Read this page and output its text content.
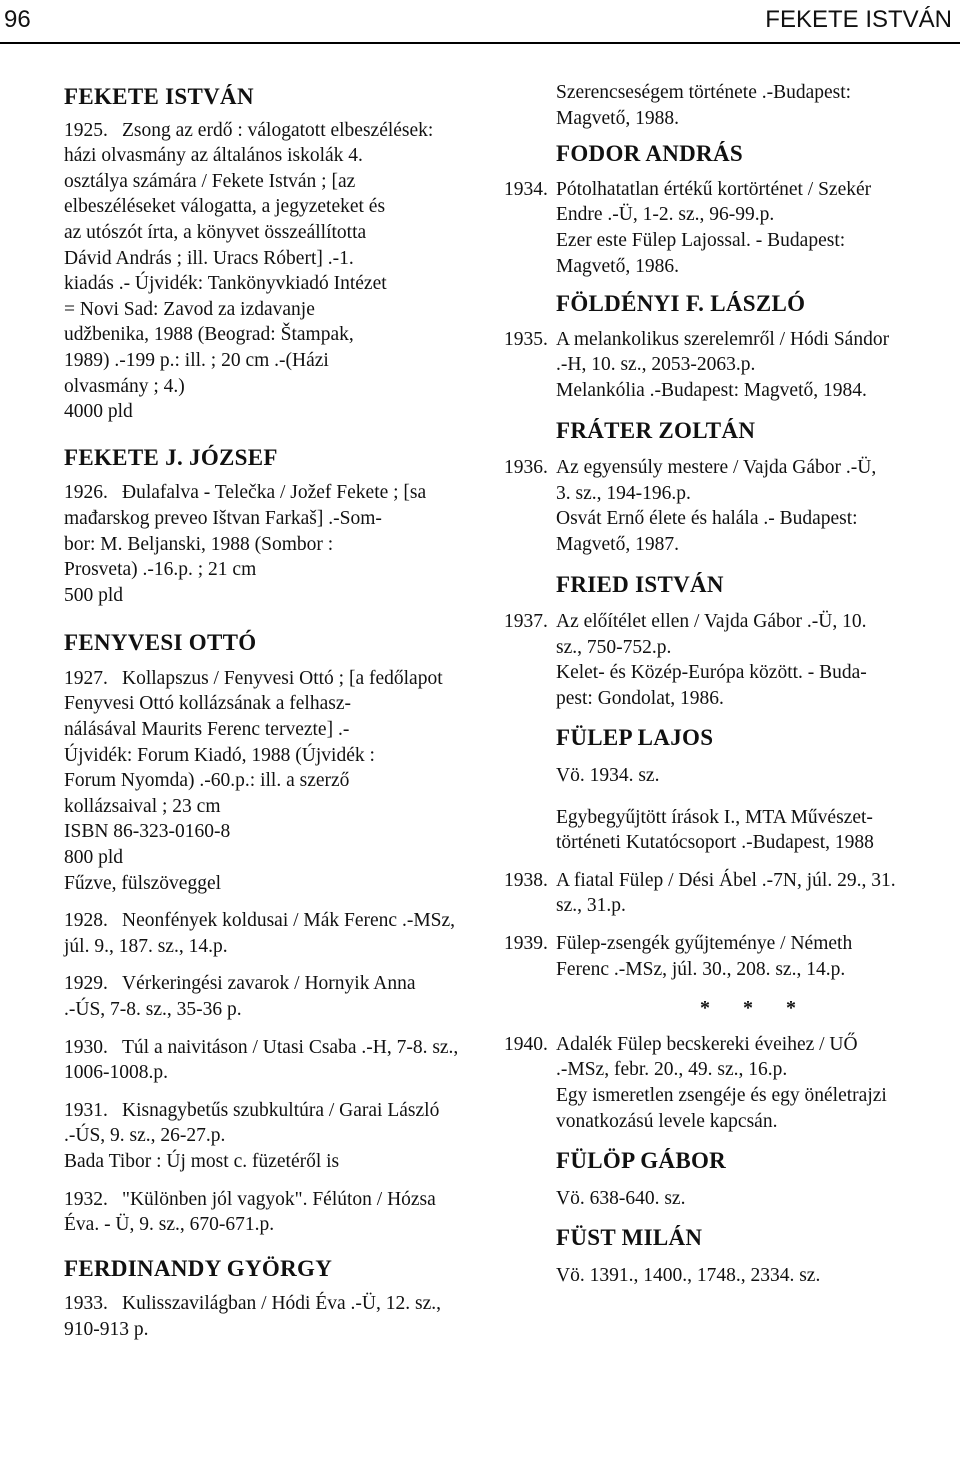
96	FEKETE ISTVÁN
FEKETE ISTVÁN
1925. Zsong az erdő : válogatott elbeszélések:
házi olvasmány az általános iskolák 4.
osztálya számára / Fekete István ; [az
elbeszéléseket válogatta, a jegyzeteket és
az utószót írta, a könyvet összeállította
Dávid András ; ill. Uracs Róbert] .-1.
kiadás .- Újvidék: Tankönyvkiadó Intézet
= Novi Sad: Zavod za izdavanje
udžbenika, 1988 (Beograd: Štampak,
1989) .-199 p.: ill. ; 20 cm .-(Házi
olvasmány ; 4.)
4000 pld
FEKETE J. JÓZSEF
1926. Đulafalva - Telečka / Jožef Fekete ; [sa
mađarskog preveo Ištvan Farkaš] .-Som-
bor: M. Beljanski, 1988 (Sombor :
Prosveta) .-16.p. ; 21 cm
500 pld
FENYVESI OTTÓ
1927. Kollapszus / Fenyvesi Ottó ; [a fedőlapot
Fenyvesi Ottó kollázsának a felhasz-
nálásával Maurits Ferenc tervezte] .-
Újvidék: Forum Kiadó, 1988 (Újvidék :
Forum Nyomda) .-60.p.: ill. a szerző
kollázsaival ; 23 cm
ISBN 86-323-0160-8
800 pld
Fűzve, fülszöveggel
1928. Neonfények koldusai / Mák Ferenc .-MSz,
júl. 9., 187. sz., 14.p.
1929. Vérkeringési zavarok / Hornyik Anna
.-ÚS, 7-8. sz., 35-36 p.
1930. Túl a naivitáson / Utasi Csaba .-H, 7-8. sz.,
1006-1008.p.
1931. Kisnagybetűs szubkultúra / Garai László
.-ÚS, 9. sz., 26-27.p.
Bada Tibor : Új most c. füzetéről is
1932. "Különben jól vagyok". Félúton / Hózsa
Éva. - Ü, 9. sz., 670-671.p.
FERDINANDY GYÖRGY
1933. Kulisszavilágban / Hódi Éva .-Ü, 12. sz.,
910-913 p.
Szerencseségem története .-Budapest:
Magvető, 1988.
FODOR ANDRÁS
1934. Pótolhatatlan értékű kortörténet / Szekér
Endre .-Ü, 1-2. sz., 96-99.p.
Ezer este Fülep Lajossal. - Budapest:
Magvető, 1986.
FÖLDÉNYI F. LÁSZLÓ
1935. A melankolikus szerelemről / Hódi Sándor
.-H, 10. sz., 2053-2063.p.
Melankólia .-Budapest: Magvető, 1984.
FRÁTER ZOLTÁN
1936. Az egyensúly mestere / Vajda Gábor .-Ü,
3. sz., 194-196.p.
Osvát Ernő élete és halála .- Budapest:
Magvető, 1987.
FRIED ISTVÁN
1937. Az előítélet ellen / Vajda Gábor .-Ü, 10.
sz., 750-752.p.
Kelet- és Közép-Európa között. - Buda-
pest: Gondolat, 1986.
FÜLEP LAJOS
Vö. 1934. sz.
Egybegyűjtött írások I., MTA Művészet-
történeti Kutatócsoport .-Budapest, 1988
1938. A fiatal Fülep / Dési Ábel .-7N, júl. 29., 31.
sz., 31.p.
1939. Fülep-zsengék gyűjteménye / Németh
Ferenc .-MSz, júl. 30., 208. sz., 14.p.
* * *
1940. Adalék Fülep becskereki éveihez / UŐ
.-MSz, febr. 20., 49. sz., 16.p.
Egy ismeretlen zsengéje és egy önéletrajzi
vonatkozású levele kapcsán.
FÜLÖP GÁBOR
Vö. 638-640. sz.
FÜST MILÁN
Vö. 1391., 1400., 1748., 2334. sz.
